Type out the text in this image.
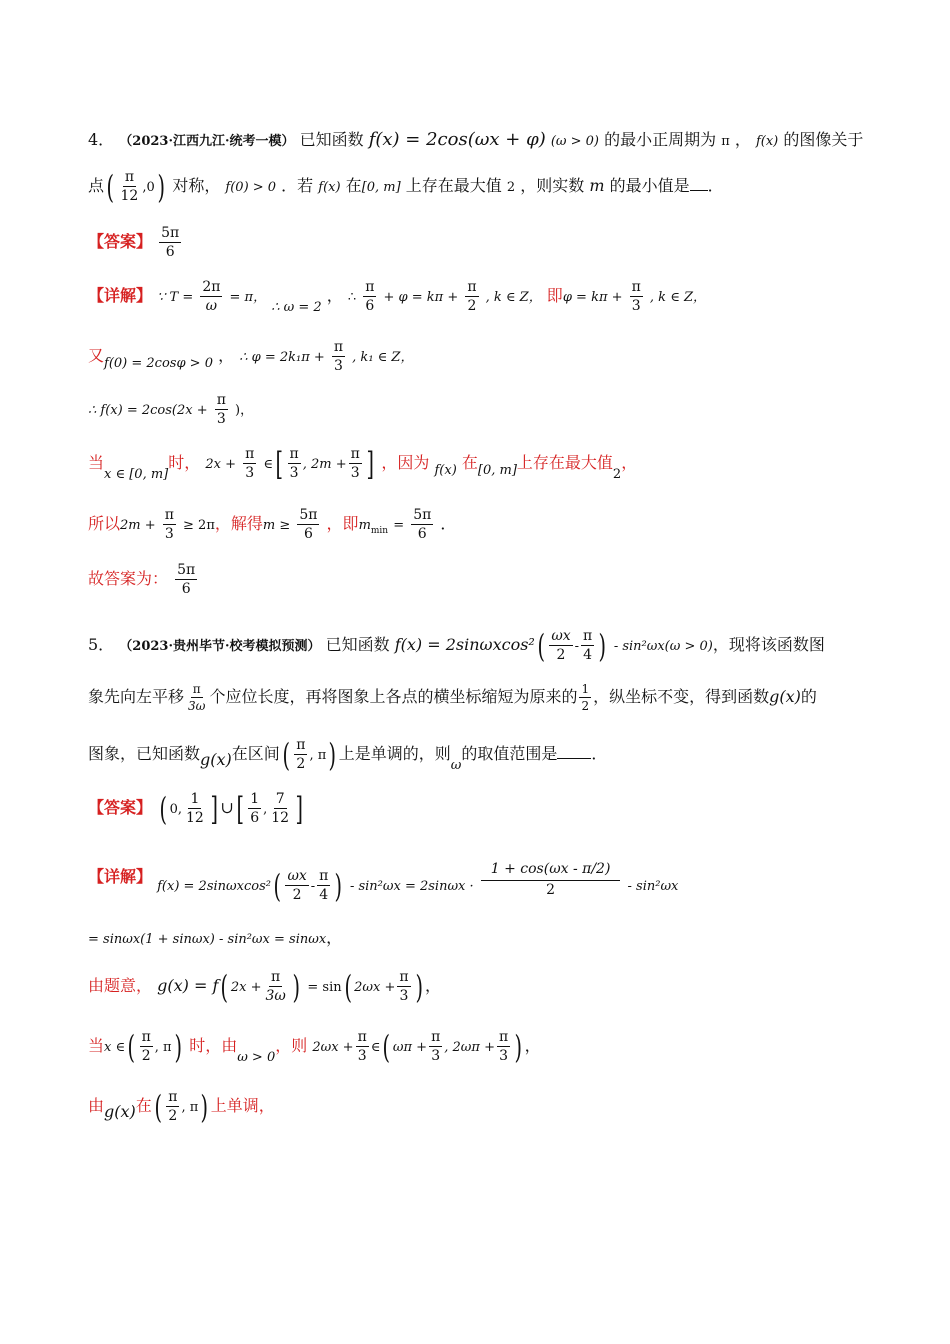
4． （2023·江西九江·统考一模） 已知函数 f(x) = 2cos(ωx + φ) (ω > 0) 的最小正周期为 π ， f(x) 的图像关于
点( $\frac{\pi}{12} ,0$) 对称， f(0) > 0 ．若 f(x) 在[0, m] 上存在最大值 2 ，则实数 m 的最小值是 ．
【答案】 $\frac{5\pi}{6}$
【详解】 ∵ $T = \frac{2\pi}{\omega} = \pi$， $_{\therefore \omega = 2}$ ， ∴ $\frac{\pi}{6} + \varphi = k\pi + \frac{\pi}{2}$ , k ∈ Z， 即$\varphi = k\pi + \frac{\pi}{3}$ , k ∈ Z，
又$_{f(0) = 2cos\varphi > 0}$ ， ∴ $\varphi = 2k_1\pi + \frac{\pi}{3}$ , k₁ ∈ Z，
∴ $f(x) = 2\cos(2x + \frac{\pi}{3}$ )，
当$_{x \in [0, m]}$时， $2x + \frac{\pi}{3}$ ∈[ $\frac{\pi}{3}$ , $2m + \frac{\pi}{3}$ ] ，因为 $_{f(x)}$ 在$_{[0, m]}$上存在最大值$_2$，
所以$2m + \frac{\pi}{3} \ge 2\pi$，解得$m \ge \frac{5\pi}{6}$ ，即$m_{min} = \frac{5\pi}{6}$ ．
故答案为： $\frac{5\pi}{6}$
5． （2023·贵州毕节·校考模拟预测） 已知函数 $f(x) = 2\sin\omega xcos^2( \frac{\omega x}{2} - \frac{\pi}{4}$ ) - sin²ωx(ω > 0)，现将该函数图
象先向左平移 $\frac{\pi}{3\omega}$ 个应位长度，再将图象上各点的横坐标缩短为原来的 $\frac{1}{2}$ ，纵坐标不变，得到函数g(x)的
图象，已知函数g(x)在区间( $\frac{\pi}{2}$ , π) 上是单调的，则$_\omega$的取值范围是 ．
【答案】 ( 0, $\frac{1}{12}$ ] ∪[ $\frac{1}{6}$ , $\frac{7}{12}$ ]
【详解】 $_{f(x) = 2sin\omega xcos^2}( \frac{\omega x}{2} _- \frac{\pi}{4}$ ) $_{- sin^2\omega x = 2sin\omega x \cdot} \frac{1 + \cos(\omega x - \pi/2)}{2} _{- sin^2\omega x}$
= sinωx(1 + sinωx) - sin²ωx = sinωx，
由题意， g(x) = f( $2x + \frac{\pi}{3\omega}$ ) = sin( $2\omega x + \frac{\pi}{3}$ ) ，
当x ∈( $\frac{\pi}{2}$ , π) 时，由$_{\omega > 0}$，则 $2\omega x + \frac{\pi}{3}$ ∈( $\omega\pi + \frac{\pi}{3}$ , $2\omega\pi + \frac{\pi}{3}$ ) ，
由g(x)在( $\frac{\pi}{2}$ , π) 上单调，
